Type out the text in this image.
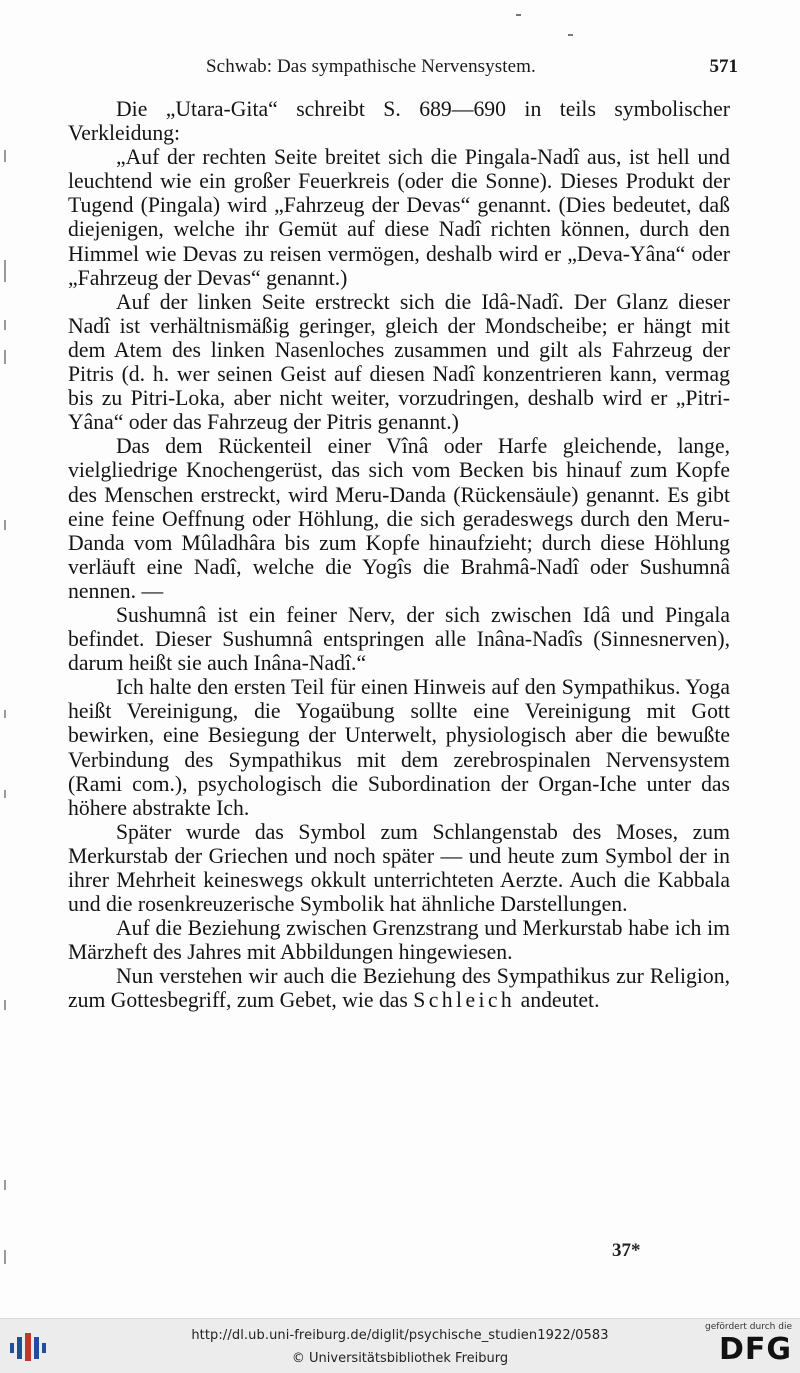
Schwab: Das sympathische Nervensystem.	571

Die „Utara-Gita“ schreibt S. 689—690 in teils symbolischer Verkleidung:

„Auf der rechten Seite breitet sich die Pingala-Nadî aus, ist hell und leuchtend wie ein großer Feuerkreis (oder die Sonne). Dieses Produkt der Tugend (Pingala) wird „Fahrzeug der Devas“ genannt. (Dies bedeutet, daß diejenigen, welche ihr Gemüt auf diese Nadî richten können, durch den Himmel wie Devas zu reisen vermögen, deshalb wird er „Deva-Yâna“ oder „Fahrzeug der Devas“ genannt.)

Auf der linken Seite erstreckt sich die Idâ-Nadî. Der Glanz dieser Nadî ist verhältnismäßig geringer, gleich der Mondscheibe; er hängt mit dem Atem des linken Nasenloches zusammen und gilt als Fahrzeug der Pitris (d. h. wer seinen Geist auf diesen Nadî konzentrieren kann, vermag bis zu Pitri-Loka, aber nicht weiter, vorzudringen, deshalb wird er „Pitri-Yâna“ oder das Fahrzeug der Pitris genannt.)

Das dem Rückenteil einer Vînâ oder Harfe gleichende, lange, vielgliedrige Knochengerüst, das sich vom Becken bis hinauf zum Kopfe des Menschen erstreckt, wird Meru-Danda (Rückensäule) genannt. Es gibt eine feine Oeffnung oder Höhlung, die sich geradeswegs durch den Meru-Danda vom Mûladhâra bis zum Kopfe hinaufzieht; durch diese Höhlung verläuft eine Nadî, welche die Yogîs die Brahmâ-Nadî oder Sushumnâ nennen. —

Sushumnâ ist ein feiner Nerv, der sich zwischen Idâ und Pingala befindet. Dieser Sushumnâ entspringen alle Inâna-Nadîs (Sinnesnerven), darum heißt sie auch Inâna-Nadî.“

Ich halte den ersten Teil für einen Hinweis auf den Sympathikus. Yoga heißt Vereinigung, die Yogaübung sollte eine Vereinigung mit Gott bewirken, eine Besiegung der Unterwelt, physiologisch aber die bewußte Verbindung des Sympathikus mit dem zerebrospinalen Nervensystem (Rami com.), psychologisch die Subordination der Organ-Iche unter das höhere abstrakte Ich.

Später wurde das Symbol zum Schlangenstab des Moses, zum Merkurstab der Griechen und noch später — und heute zum Symbol der in ihrer Mehrheit keineswegs okkult unterrichteten Aerzte. Auch die Kabbala und die rosenkreuzerische Symbolik hat ähnliche Darstellungen.

Auf die Beziehung zwischen Grenzstrang und Merkurstab habe ich im Märzheft des Jahres mit Abbildungen hingewiesen.

Nun verstehen wir auch die Beziehung des Sympathikus zur Religion, zum Gottesbegriff, zum Gebet, wie das Schleich andeutet.

37*
http://dl.ub.uni-freiburg.de/diglit/psychische_studien1922/0583
© Universitätsbibliothek Freiburg
gefördert durch die
DFG
